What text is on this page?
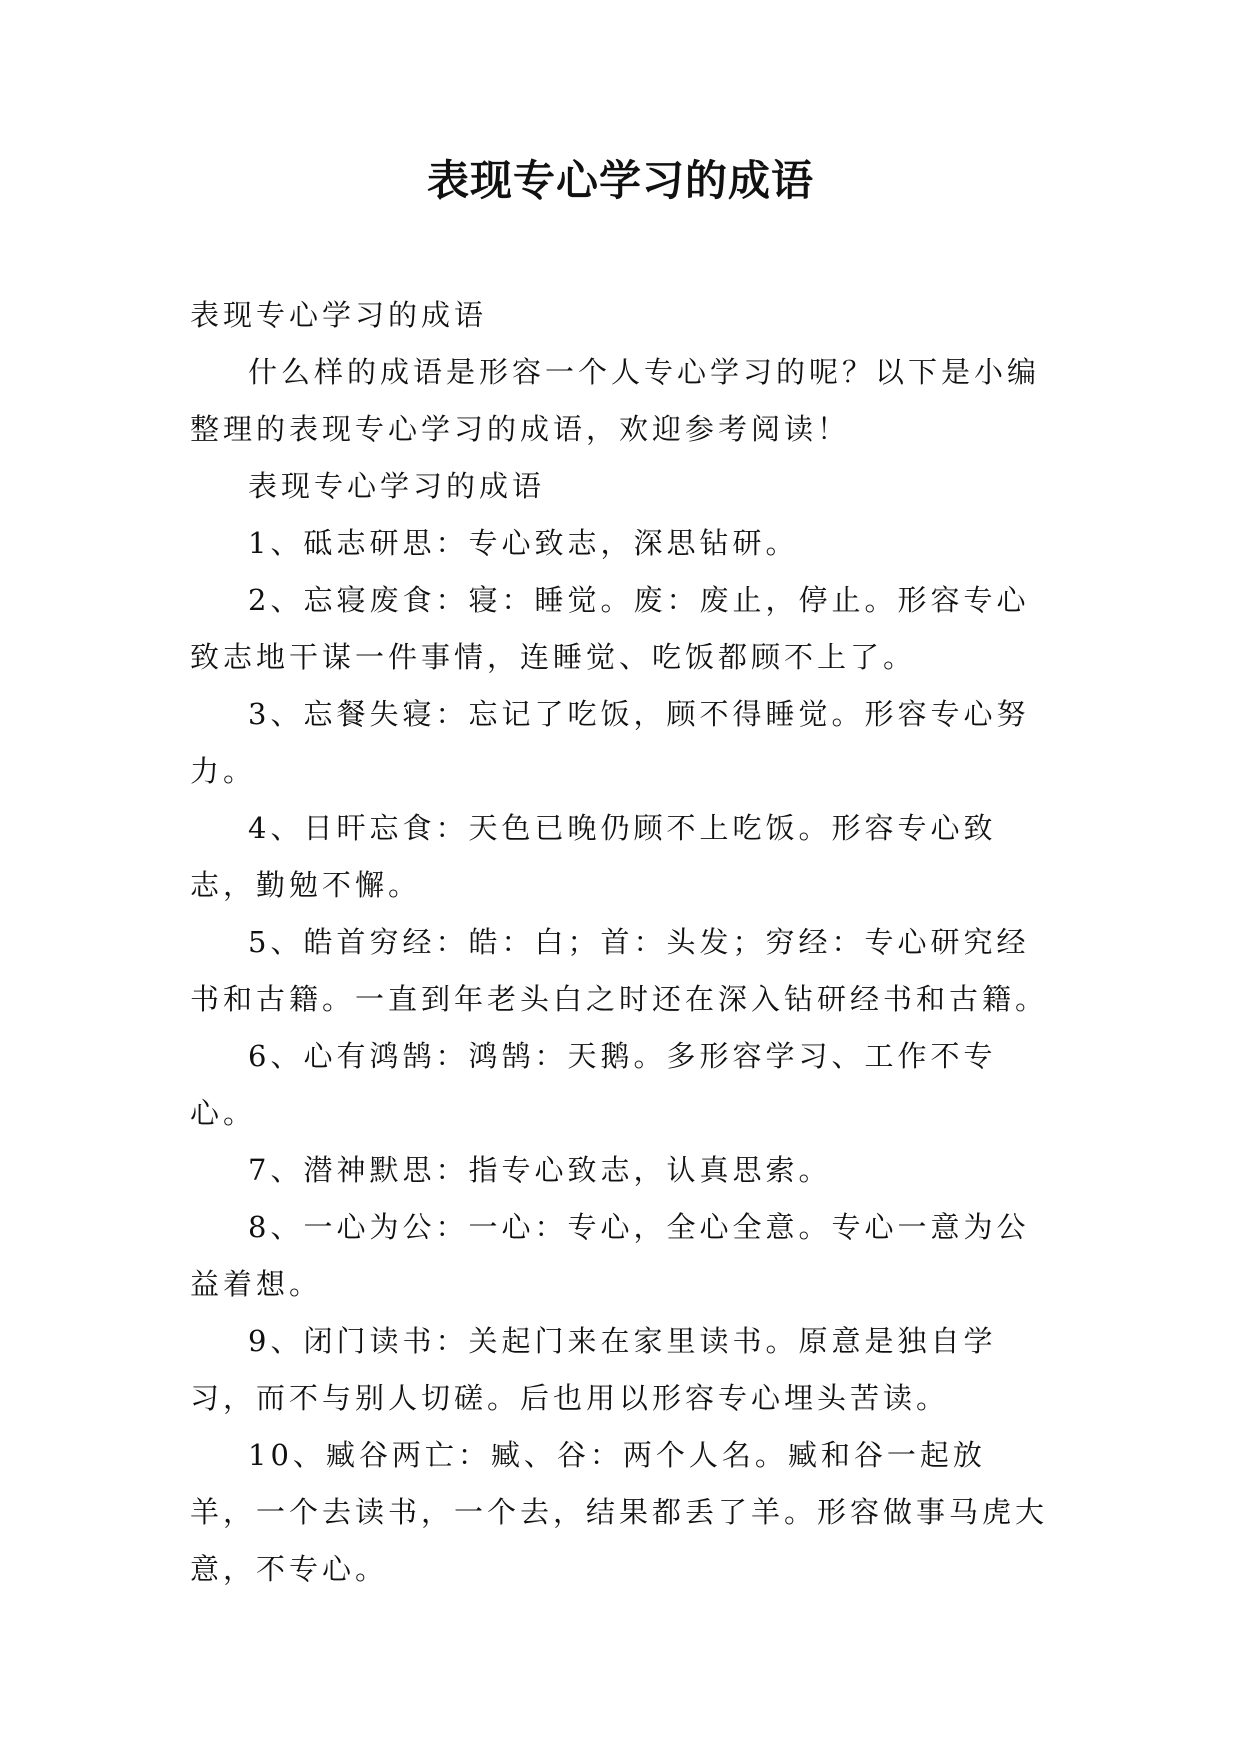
表现专心学习的成语

表现专心学习的成语

什么样的成语是形容一个人专心学习的呢？以下是小编整理的表现专心学习的成语，欢迎参考阅读！

表现专心学习的成语

1、砥志研思：专心致志，深思钻研。

2、忘寝废食：寝：睡觉。废：废止，停止。形容专心致志地干谋一件事情，连睡觉、吃饭都顾不上了。

3、忘餐失寝：忘记了吃饭，顾不得睡觉。形容专心努力。

4、日旰忘食：天色已晚仍顾不上吃饭。形容专心致志，勤勉不懈。

5、皓首穷经：皓：白；首：头发；穷经：专心研究经书和古籍。一直到年老头白之时还在深入钻研经书和古籍。

6、心有鸿鹄：鸿鹄：天鹅。多形容学习、工作不专心。

7、潜神默思：指专心致志，认真思索。

8、一心为公：一心：专心，全心全意。专心一意为公益着想。

9、闭门读书：关起门来在家里读书。原意是独自学习，而不与别人切磋。后也用以形容专心埋头苦读。

10、臧谷两亡：臧、谷：两个人名。臧和谷一起放羊，一个去读书，一个去，结果都丢了羊。形容做事马虎大意，不专心。
